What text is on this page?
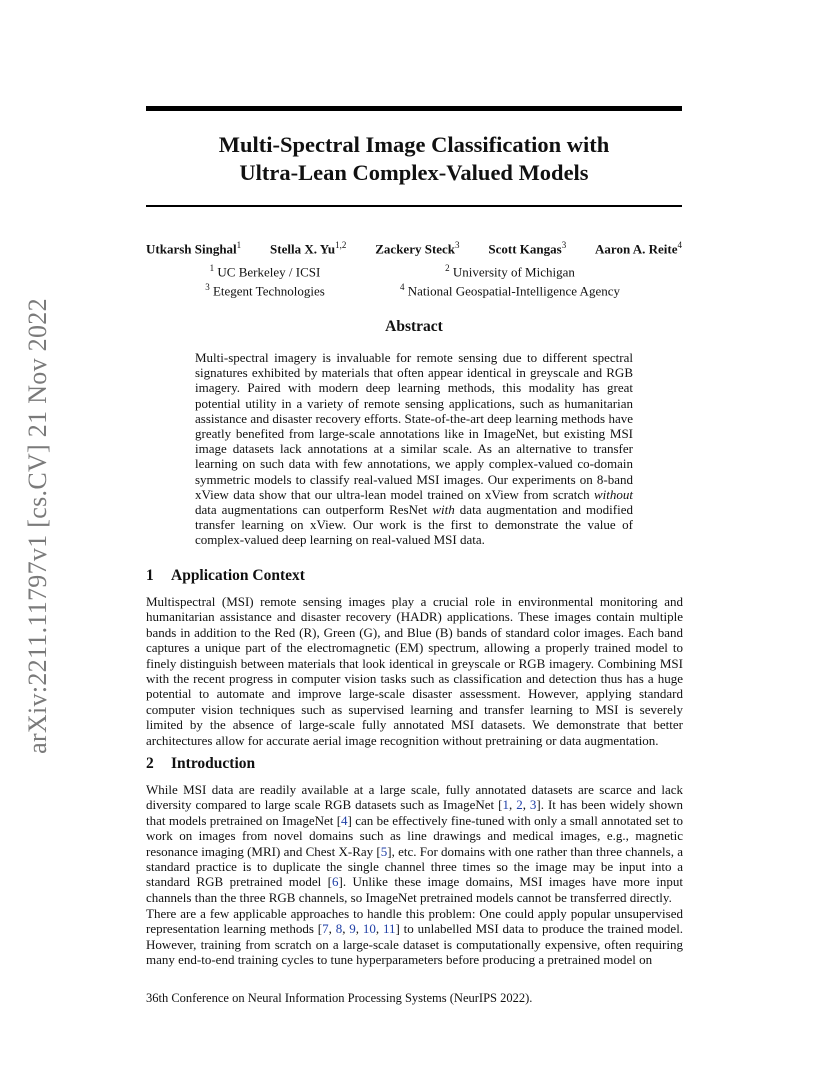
arXiv:2211.11797v1 [cs.CV] 21 Nov 2022
Multi-Spectral Image Classification with
Ultra-Lean Complex-Valued Models
Utkarsh Singhal$^1$ Stella X. Yu$^{1,2}$ Zackery Steck$^3$ Scott Kangas$^3$ Aaron A. Reite$^4$
$^1$ UC Berkeley / ICSI
$^3$ Etegent Technologies
$^2$ University of Michigan
$^4$ National Geospatial-Intelligence Agency
Abstract
Multi-spectral imagery is invaluable for remote sensing due to different spectral signatures exhibited by materials that often appear identical in greyscale and RGB imagery. Paired with modern deep learning methods, this modality has great potential utility in a variety of remote sensing applications, such as humanitarian assistance and disaster recovery efforts. State-of-the-art deep learning methods have greatly benefited from large-scale annotations like in ImageNet, but existing MSI image datasets lack annotations at a similar scale. As an alternative to transfer learning on such data with few annotations, we apply complex-valued co-domain symmetric models to classify real-valued MSI images. Our experiments on 8-band xView data show that our ultra-lean model trained on xView from scratch without data augmentations can outperform ResNet with data augmentation and modified transfer learning on xView. Our work is the first to demonstrate the value of complex-valued deep learning on real-valued MSI data.
1 Application Context
Multispectral (MSI) remote sensing images play a crucial role in environmental monitoring and humanitarian assistance and disaster recovery (HADR) applications. These images contain multiple bands in addition to the Red (R), Green (G), and Blue (B) bands of standard color images. Each band captures a unique part of the electromagnetic (EM) spectrum, allowing a properly trained model to finely distinguish between materials that look identical in greyscale or RGB imagery. Combining MSI with the recent progress in computer vision tasks such as classification and detection thus has a huge potential to automate and improve large-scale disaster assessment. However, applying standard computer vision techniques such as supervised learning and transfer learning to MSI is severely limited by the absence of large-scale fully annotated MSI datasets. We demonstrate that better architectures allow for accurate aerial image recognition without pretraining or data augmentation.
2 Introduction
While MSI data are readily available at a large scale, fully annotated datasets are scarce and lack diversity compared to large scale RGB datasets such as ImageNet [1, 2, 3]. It has been widely shown that models pretrained on ImageNet [4] can be effectively fine-tuned with only a small annotated set to work on images from novel domains such as line drawings and medical images, e.g., magnetic resonance imaging (MRI) and Chest X-Ray [5], etc. For domains with one rather than three channels, a standard practice is to duplicate the single channel three times so the image may be input into a standard RGB pretrained model [6]. Unlike these image domains, MSI images have more input channels than the three RGB channels, so ImageNet pretrained models cannot be transferred directly.
There are a few applicable approaches to handle this problem: One could apply popular unsupervised representation learning methods [7, 8, 9, 10, 11] to unlabelled MSI data to produce the trained model. However, training from scratch on a large-scale dataset is computationally expensive, often requiring many end-to-end training cycles to tune hyperparameters before producing a pretrained model on
36th Conference on Neural Information Processing Systems (NeurIPS 2022).
